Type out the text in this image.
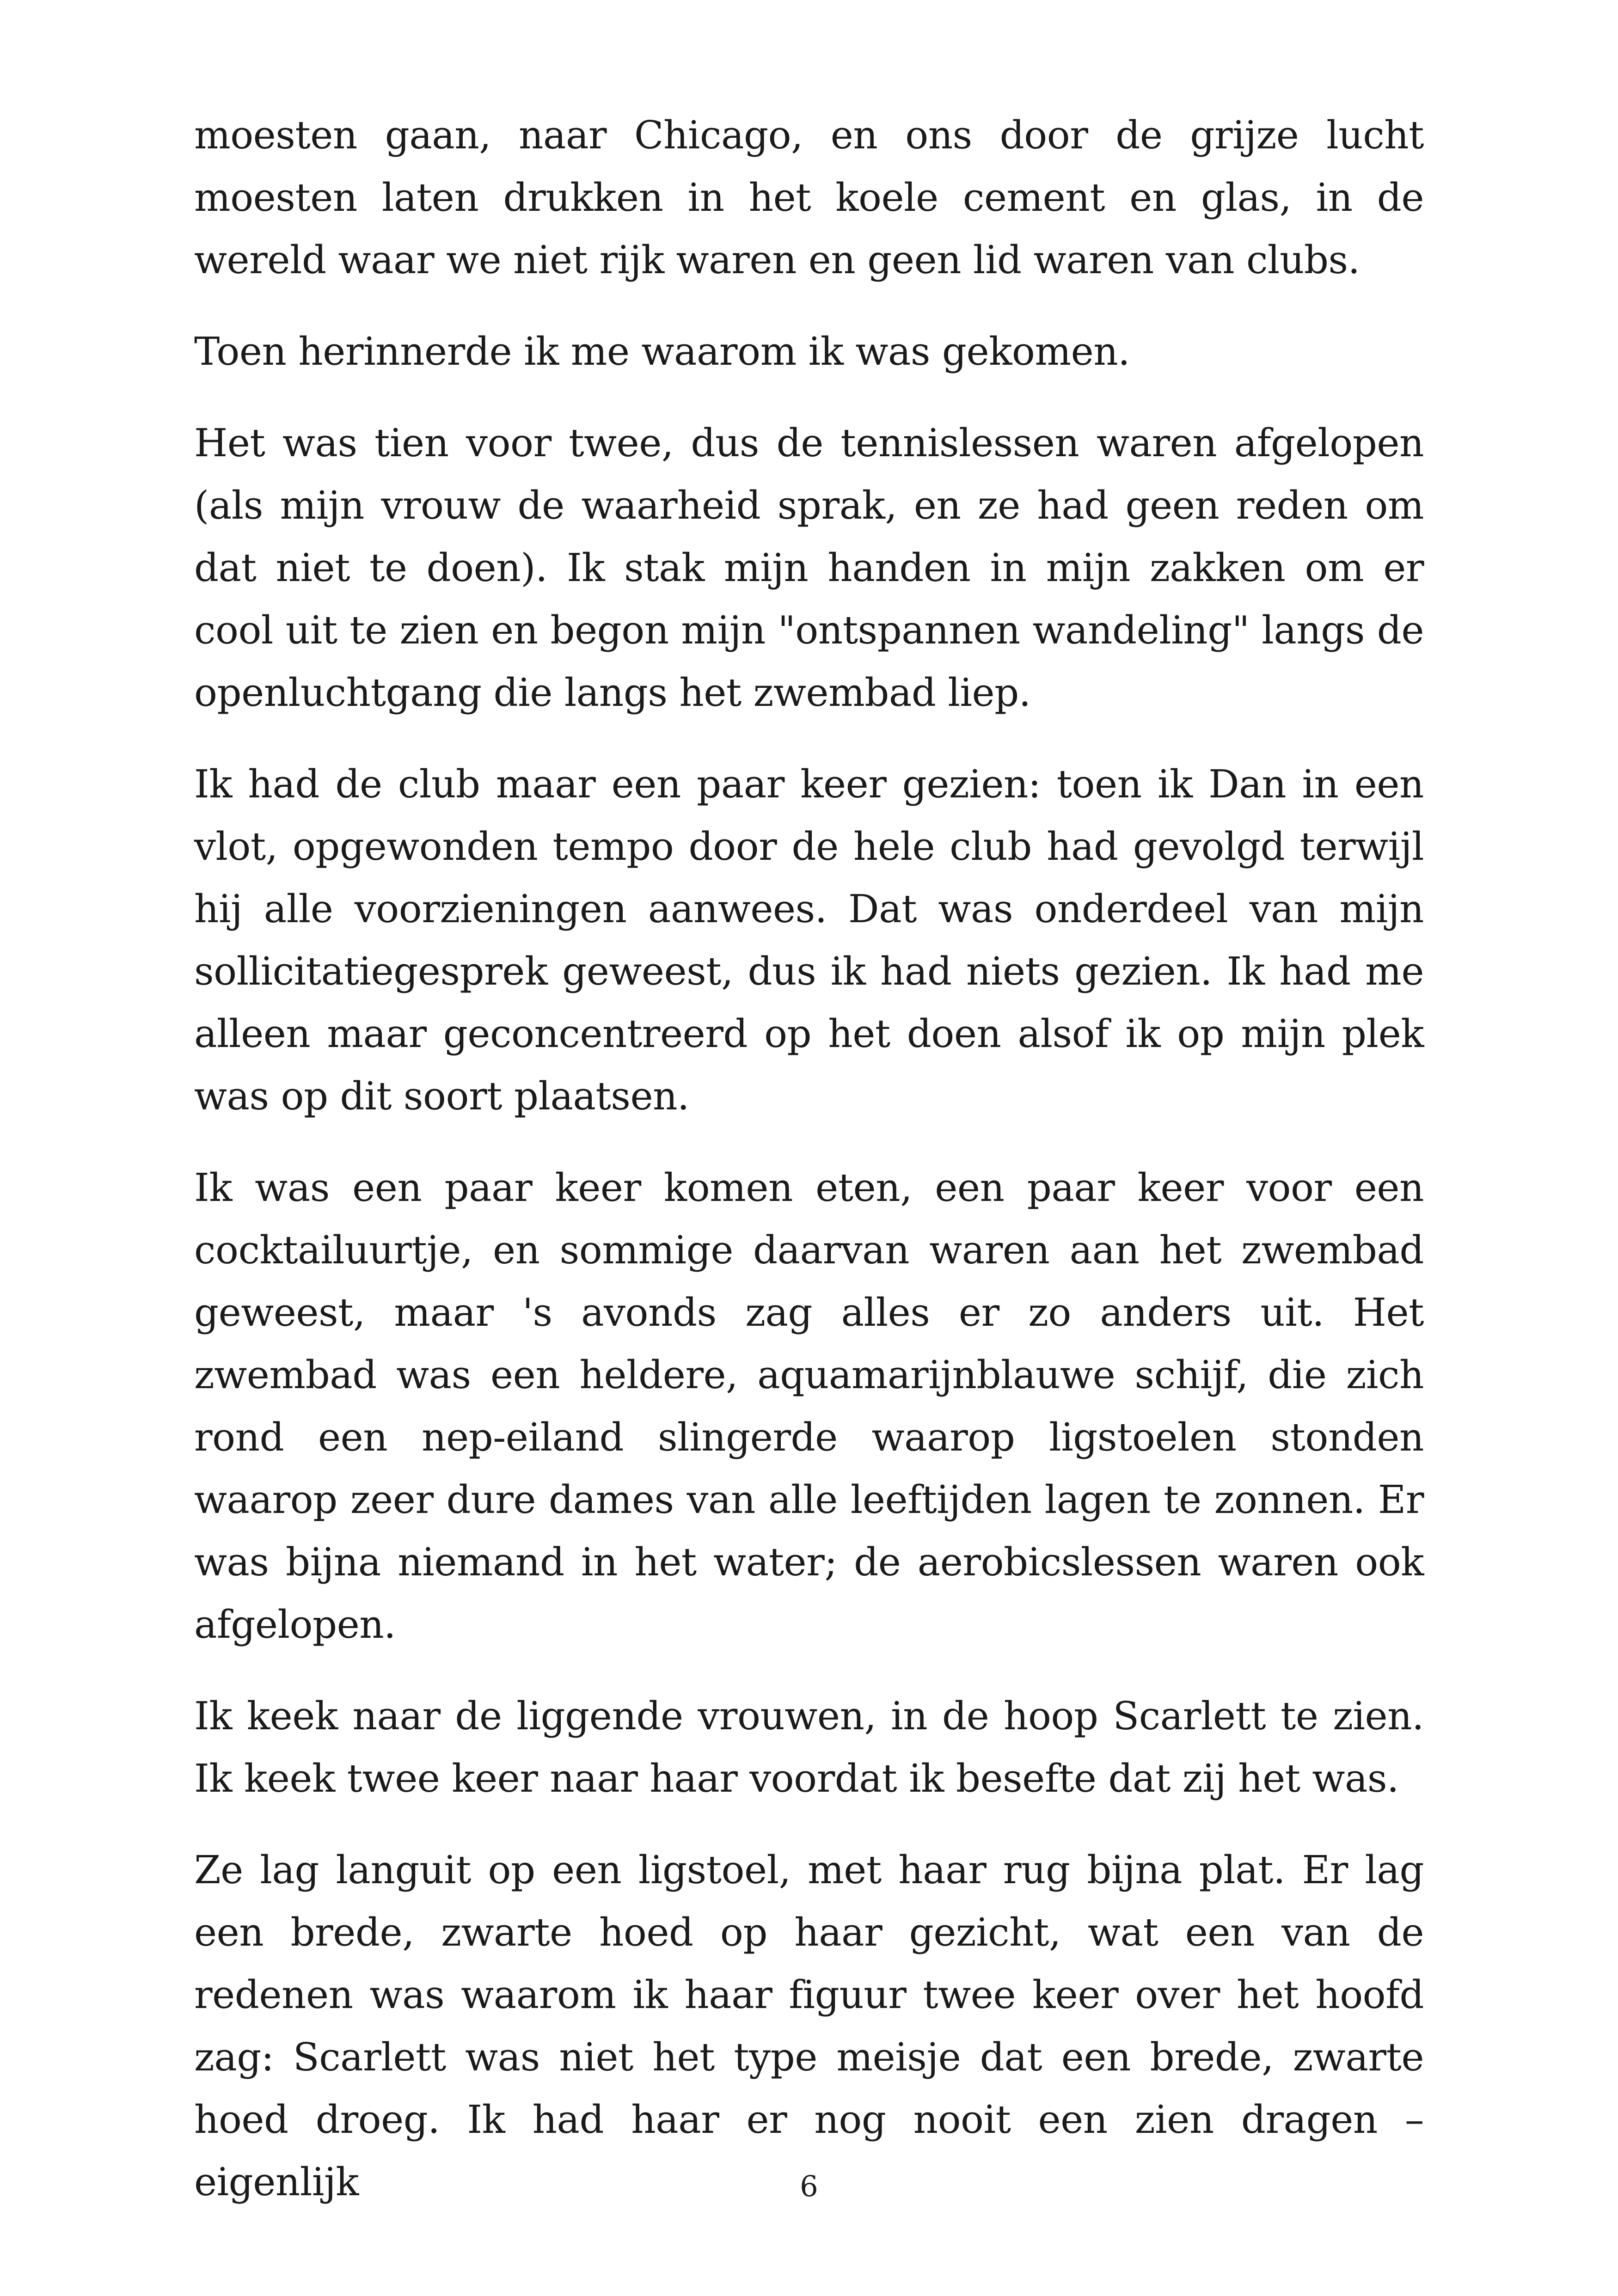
moesten gaan, naar Chicago, en ons door de grijze lucht moesten laten drukken in het koele cement en glas, in de wereld waar we niet rijk waren en geen lid waren van clubs.

Toen herinnerde ik me waarom ik was gekomen.

Het was tien voor twee, dus de tennislessen waren afgelopen (als mijn vrouw de waarheid sprak, en ze had geen reden om dat niet te doen). Ik stak mijn handen in mijn zakken om er cool uit te zien en begon mijn "ontspannen wandeling" langs de openluchtgang die langs het zwembad liep.

Ik had de club maar een paar keer gezien: toen ik Dan in een vlot, opgewonden tempo door de hele club had gevolgd terwijl hij alle voorzieningen aanwees. Dat was onderdeel van mijn sollicitatiegesprek geweest, dus ik had niets gezien. Ik had me alleen maar geconcentreerd op het doen alsof ik op mijn plek was op dit soort plaatsen.

Ik was een paar keer komen eten, een paar keer voor een cocktailuurtje, en sommige daarvan waren aan het zwembad geweest, maar 's avonds zag alles er zo anders uit. Het zwembad was een heldere, aquamarijnblauwe schijf, die zich rond een nep-eiland slingerde waarop ligstoelen stonden waarop zeer dure dames van alle leeftijden lagen te zonnen. Er was bijna niemand in het water; de aerobicslessen waren ook afgelopen.

Ik keek naar de liggende vrouwen, in de hoop Scarlett te zien. Ik keek twee keer naar haar voordat ik besefte dat zij het was.

Ze lag languit op een ligstoel, met haar rug bijna plat. Er lag een brede, zwarte hoed op haar gezicht, wat een van de redenen was waarom ik haar figuur twee keer over het hoofd zag: Scarlett was niet het type meisje dat een brede, zwarte hoed droeg. Ik had haar er nog nooit een zien dragen – eigenlijk	6
